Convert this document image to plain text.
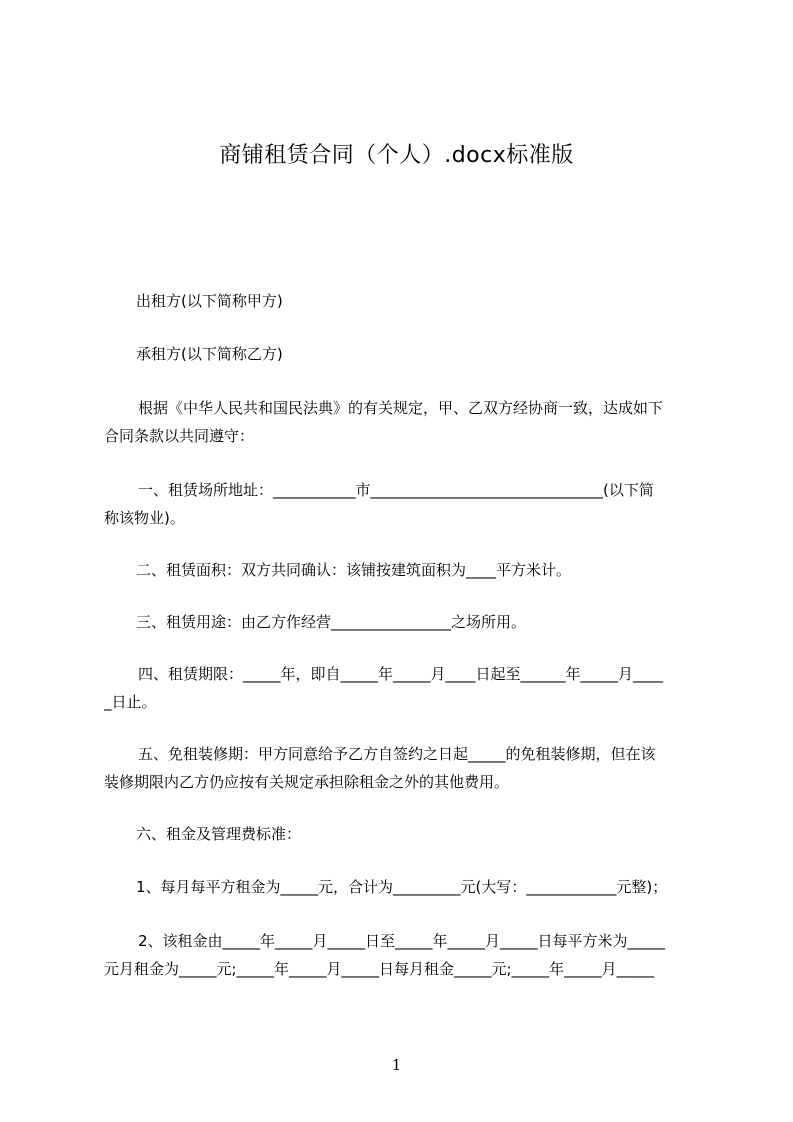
商铺租赁合同（个人）.docx标准版
出租方(以下简称甲方)
承租方(以下简称乙方)
根据《中华人民共和国民法典》的有关规定，甲、乙双方经协商一致，达成如下
合同条款以共同遵守：
一、租赁场所地址：___________市_______________________________(以下简
称该物业)。
二、租赁面积：双方共同确认：该铺按建筑面积为____平方米计。
三、租赁用途：由乙方作经营________________之场所用。
四、租赁期限：_____年，即自_____年_____月____日起至______年_____月____
_日止。
五、免租装修期：甲方同意给予乙方自签约之日起_____的免租装修期，但在该
装修期限内乙方仍应按有关规定承担除租金之外的其他费用。
六、租金及管理费标准：
1、每月每平方租金为_____元，合计为_________元(大写：____________元整)；
2、该租金由_____年_____月_____日至_____年_____月_____日每平方米为_____
元月租金为_____元;_____年_____月_____日每月租金_____元;_____年_____月_____
1
